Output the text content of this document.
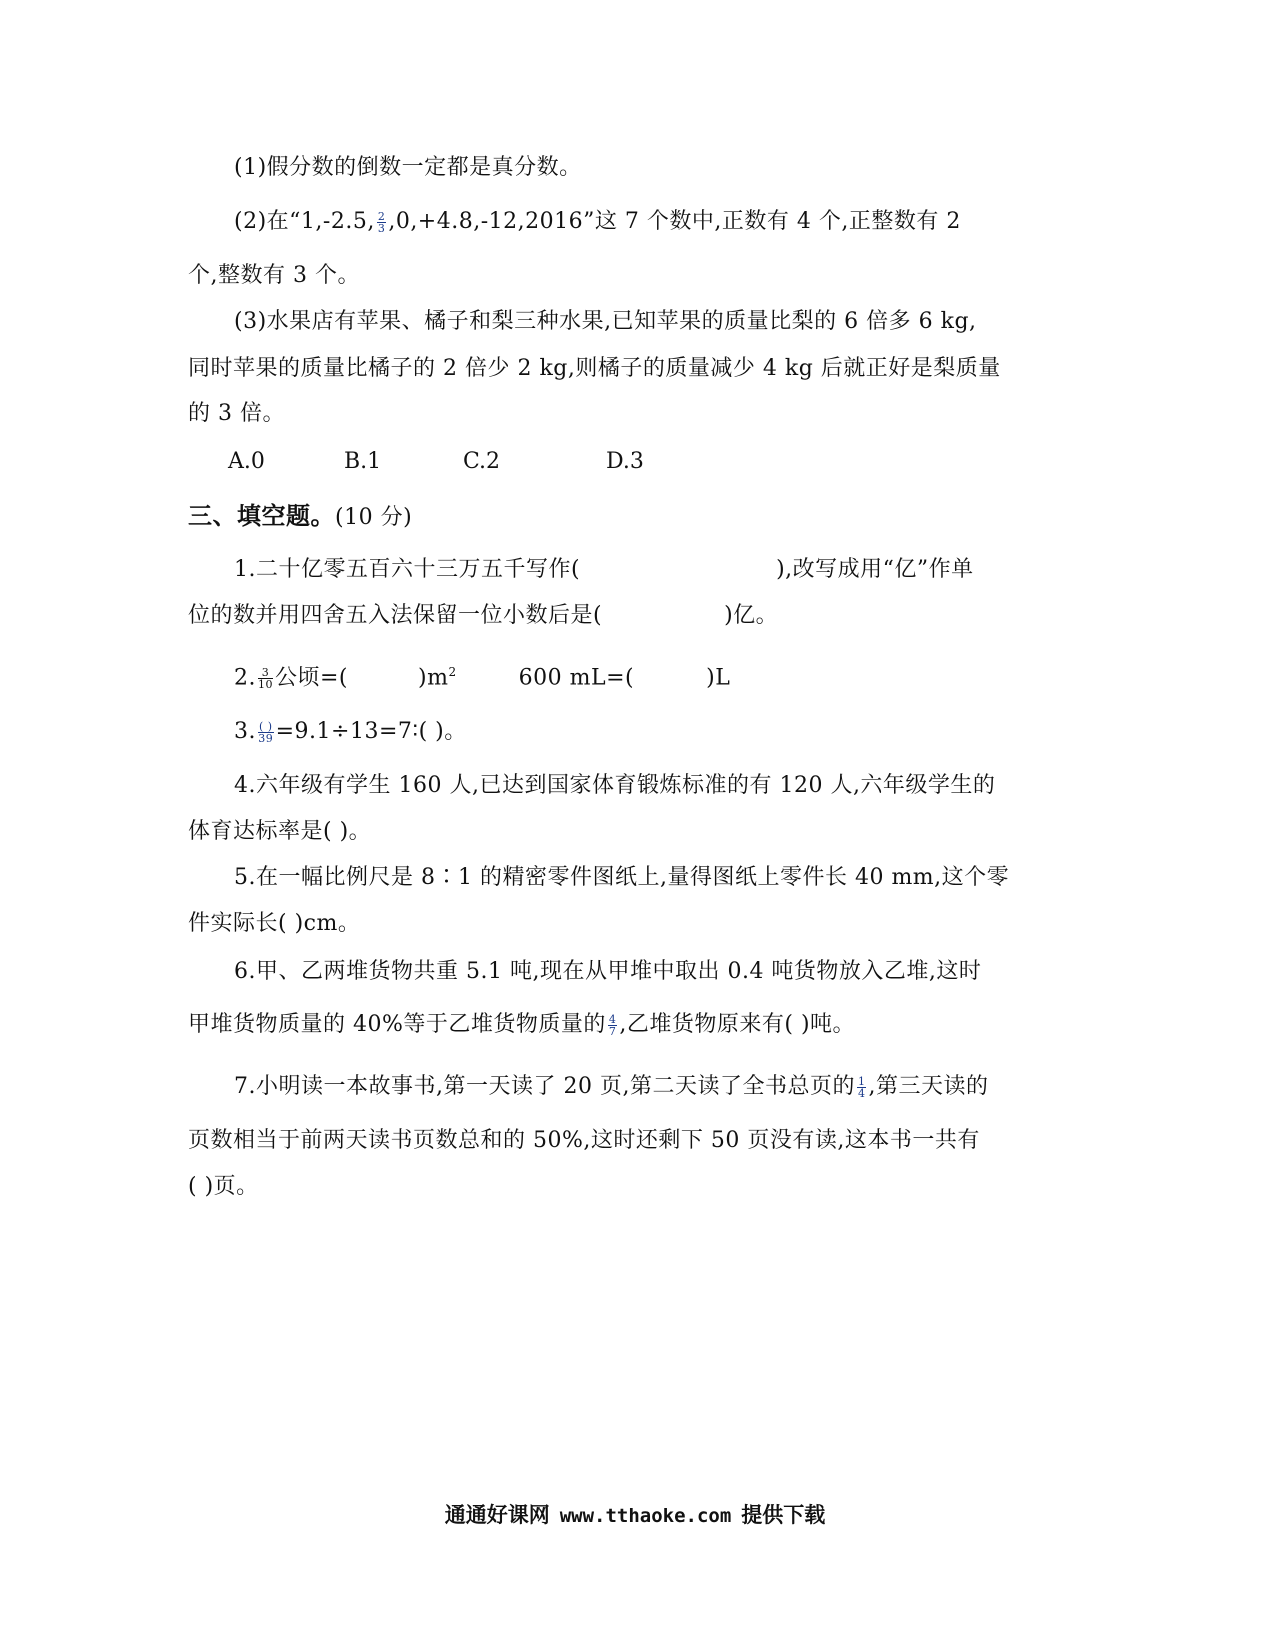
(1)假分数的倒数一定都是真分数。
(2)在“1,-2.5, $\frac{2}{3} ,0,+4.8,-12,2016$”这 7 个数中,正数有 4 个,正整数有 2
个,整数有 3 个。
(3)水果店有苹果、橘子和梨三种水果,已知苹果的质量比梨的 6 倍多 6 kg,
同时苹果的质量比橘子的 2 倍少 2 kg,则橘子的质量减少 4 kg 后就正好是梨质量
的 3 倍。
A.0	B.1	C.2	D.3
三、填空题。(10 分)
1.二十亿零五百六十三万五千写作(	),改写成用“亿”作单
位的数并用四舍五入法保留一位小数后是(	)亿。
2. $\frac{3}{10}$ 公顷=(	)$m^2$	600 mL=(	)L
3. $\frac{( )}{39}$ =9.1÷13=7∶( )。
4.六年级有学生 160 人,已达到国家体育锻炼标准的有 120 人,六年级学生的
体育达标率是( )。
5.在一幅比例尺是 8∶1 的精密零件图纸上,量得图纸上零件长 40 mm,这个零
件实际长( )cm。
6.甲、乙两堆货物共重 5.1 吨,现在从甲堆中取出 0.4 吨货物放入乙堆,这时
甲堆货物质量的 40%等于乙堆货物质量的 $\frac{4}{7}$ ,乙堆货物原来有( )吨。
7.小明读一本故事书,第一天读了 20 页,第二天读了全书总页的 $\frac{1}{4}$ ,第三天读的
页数相当于前两天读书页数总和的 50%,这时还剩下 50 页没有读,这本书一共有
( )页。
通通好课网 www.tthaoke.com 提供下载
